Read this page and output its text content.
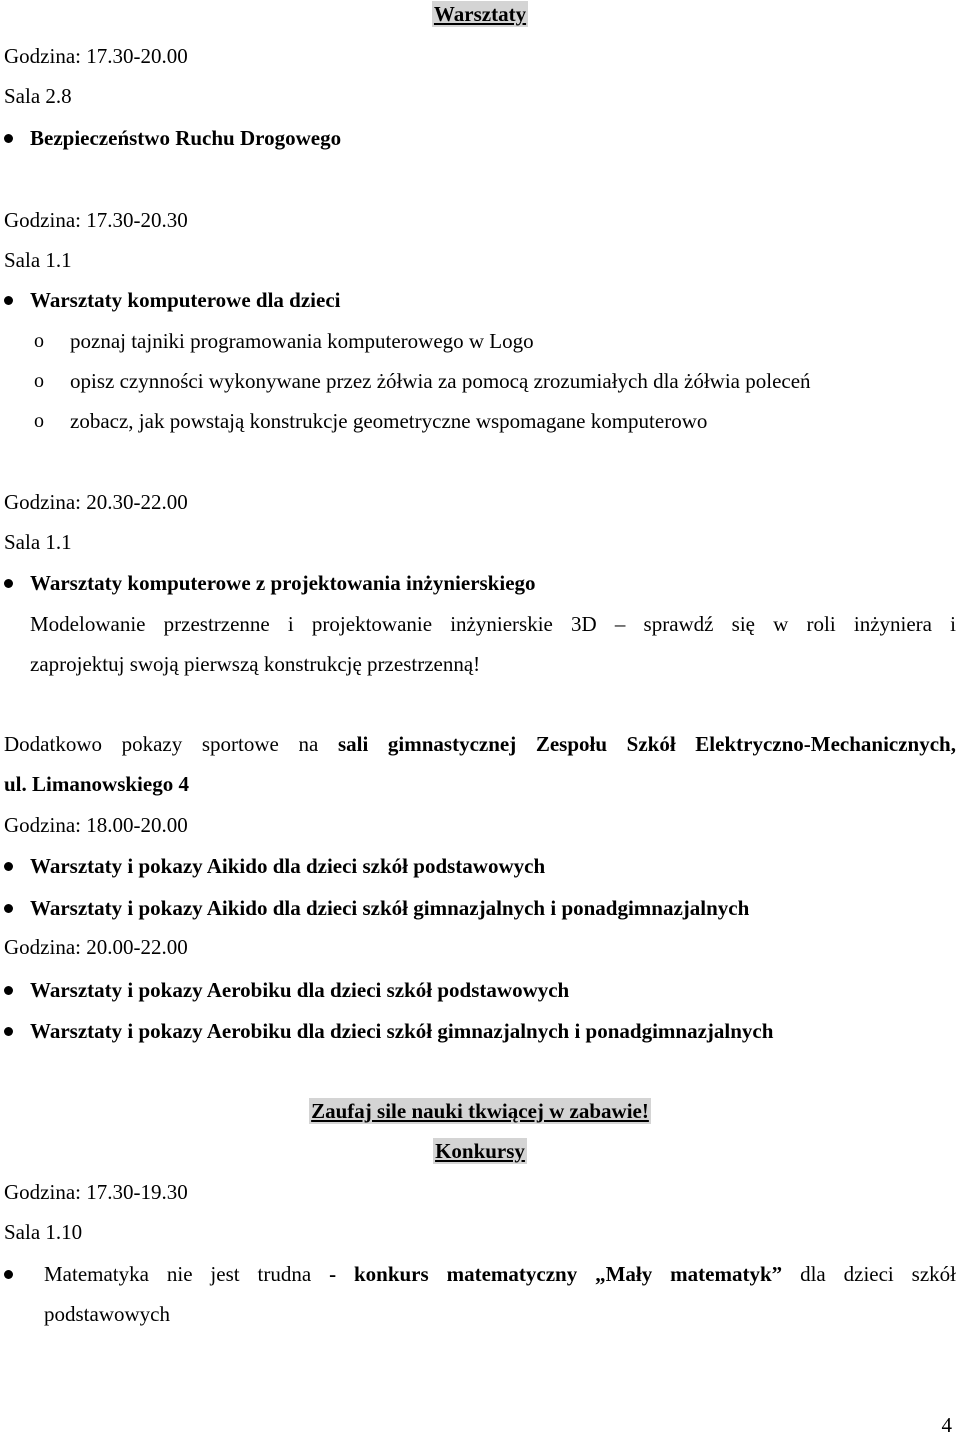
Warsztaty
Godzina: 17.30-20.00
Sala 2.8
Bezpieczeństwo Ruchu Drogowego
Godzina: 17.30-20.30
Sala 1.1
Warsztaty komputerowe dla dzieci
o poznaj tajniki programowania komputerowego w Logo
o opisz czynności wykonywane przez żółwia za pomocą zrozumiałych dla żółwia poleceń
o zobacz, jak powstają konstrukcje geometryczne wspomagane komputerowo
Godzina: 20.30-22.00
Sala 1.1
Warsztaty komputerowe z projektowania inżynierskiego
Modelowanie przestrzenne i projektowanie inżynierskie 3D – sprawdź się w roli inżyniera i
zaprojektuj swoją pierwszą konstrukcję przestrzenną!
Dodatkowo pokazy sportowe na sali gimnastycznej Zespołu Szkół Elektryczno-Mechanicznych,
ul. Limanowskiego 4
Godzina: 18.00-20.00
Warsztaty i pokazy Aikido dla dzieci szkół podstawowych
Warsztaty i pokazy Aikido dla dzieci szkół gimnazjalnych i ponadgimnazjalnych
Godzina: 20.00-22.00
Warsztaty i pokazy Aerobiku dla dzieci szkół podstawowych
Warsztaty i pokazy Aerobiku dla dzieci szkół gimnazjalnych i ponadgimnazjalnych
Zaufaj sile nauki tkwiącej w zabawie!
Konkursy
Godzina: 17.30-19.30
Sala 1.10
Matematyka nie jest trudna - konkurs matematyczny „Mały matematyk” dla dzieci szkół
podstawowych
4
